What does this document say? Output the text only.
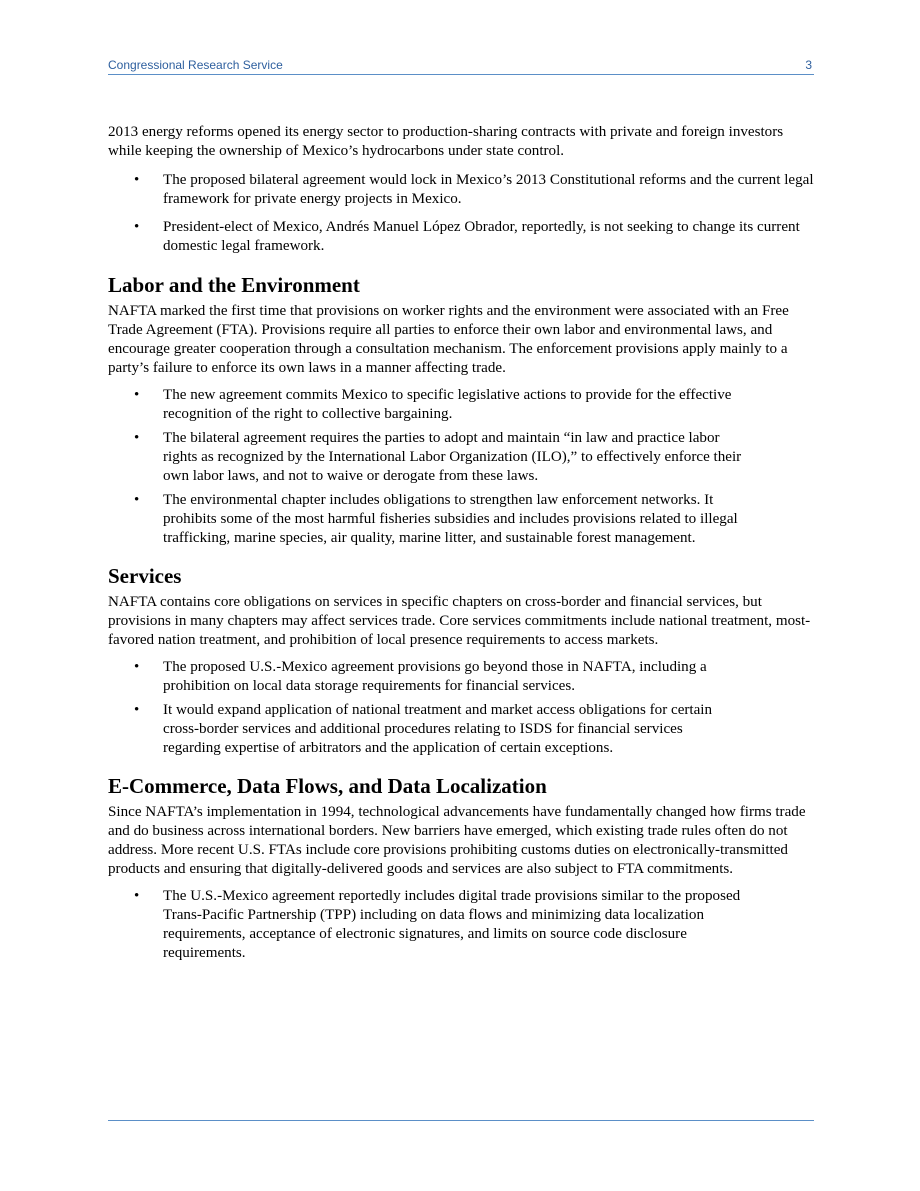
Congressional Research Service	3

2013 energy reforms opened its energy sector to production-sharing contracts with private and foreign investors while keeping the ownership of Mexico’s hydrocarbons under state control.

• The proposed bilateral agreement would lock in Mexico’s 2013 Constitutional reforms and the current legal framework for private energy projects in Mexico.
• President-elect of Mexico, Andrés Manuel López Obrador, reportedly, is not seeking to change its current domestic legal framework.
Labor and the Environment

NAFTA marked the first time that provisions on worker rights and the environment were associated with an Free Trade Agreement (FTA). Provisions require all parties to enforce their own labor and environmental laws, and encourage greater cooperation through a consultation mechanism. The enforcement provisions apply mainly to a party’s failure to enforce its own laws in a manner affecting trade.

• The new agreement commits Mexico to specific legislative actions to provide for the effective recognition of the right to collective bargaining.
• The bilateral agreement requires the parties to adopt and maintain “in law and practice labor rights as recognized by the International Labor Organization (ILO),” to effectively enforce their own labor laws, and not to waive or derogate from these laws.
• The environmental chapter includes obligations to strengthen law enforcement networks. It prohibits some of the most harmful fisheries subsidies and includes provisions related to illegal trafficking, marine species, air quality, marine litter, and sustainable forest management.
Services

NAFTA contains core obligations on services in specific chapters on cross-border and financial services, but provisions in many chapters may affect services trade. Core services commitments include national treatment, most-favored nation treatment, and prohibition of local presence requirements to access markets.

• The proposed U.S.-Mexico agreement provisions go beyond those in NAFTA, including a prohibition on local data storage requirements for financial services.
• It would expand application of national treatment and market access obligations for certain cross-border services and additional procedures relating to ISDS for financial services regarding expertise of arbitrators and the application of certain exceptions.
E-Commerce, Data Flows, and Data Localization

Since NAFTA’s implementation in 1994, technological advancements have fundamentally changed how firms trade and do business across international borders. New barriers have emerged, which existing trade rules often do not address. More recent U.S. FTAs include core provisions prohibiting customs duties on electronically-transmitted products and ensuring that digitally-delivered goods and services are also subject to FTA commitments.

• The U.S.-Mexico agreement reportedly includes digital trade provisions similar to the proposed Trans-Pacific Partnership (TPP) including on data flows and minimizing data localization requirements, acceptance of electronic signatures, and limits on source code disclosure requirements.
